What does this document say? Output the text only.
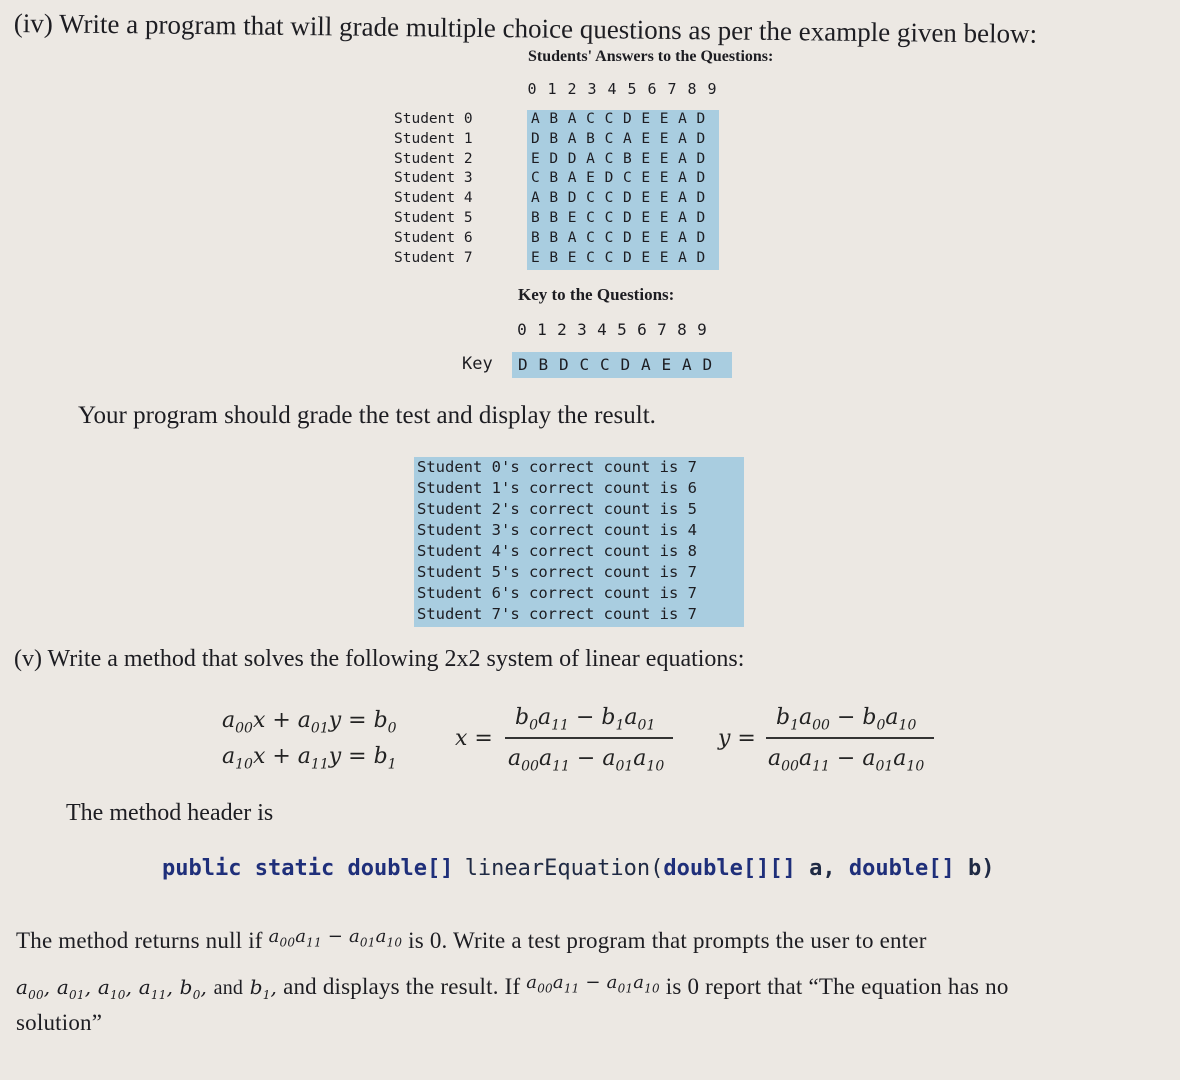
(iv) Write a program that will grade multiple choice questions as per the example given below:
Students' Answers to the Questions:
0 1 2 3 4 5 6 7 8 9
Student 0
Student 1
Student 2
Student 3
Student 4
Student 5
Student 6
Student 7
A B A C C D E E A D
D B A B C A E E A D
E D D A C B E E A D
C B A E D C E E A D
A B D C C D E E A D
B B E C C D E E A D
B B A C C D E E A D
E B E C C D E E A D
Key to the Questions:
0 1 2 3 4 5 6 7 8 9
Key	D B D C C D A E A D
Your program should grade the test and display the result.
Student 0's correct count is 7
Student 1's correct count is 6
Student 2's correct count is 5
Student 3's correct count is 4
Student 4's correct count is 8
Student 5's correct count is 7
Student 6's correct count is 7
Student 7's correct count is 7
(v) Write a method that solves the following 2x2 system of linear equations:
$a_{00}x + a_{01}y = b_0$
$a_{10}x + a_{11}y = b_1$
x =
$b_0a_{11} - b_1a_{01}$
$a_{00}a_{11} - a_{01}a_{10}$
y =
$b_1a_{00} - b_0a_{10}$
$a_{00}a_{11} - a_{01}a_{10}$
The method header is
public static double[] linearEquation(double[][] a, double[] b)
The method returns null if $^{a_{00}a_{11} - a_{01}a_{10}}$ is 0. Write a test program that prompts the user to enter
$a_{00}$, $a_{01}$, $a_{10}$, $a_{11}$, $b_0$, and $b_1$, and displays the result. If $^{a_{00}a_{11} - a_{01}a_{10}}$ is 0 report that “The equation has no
solution”
